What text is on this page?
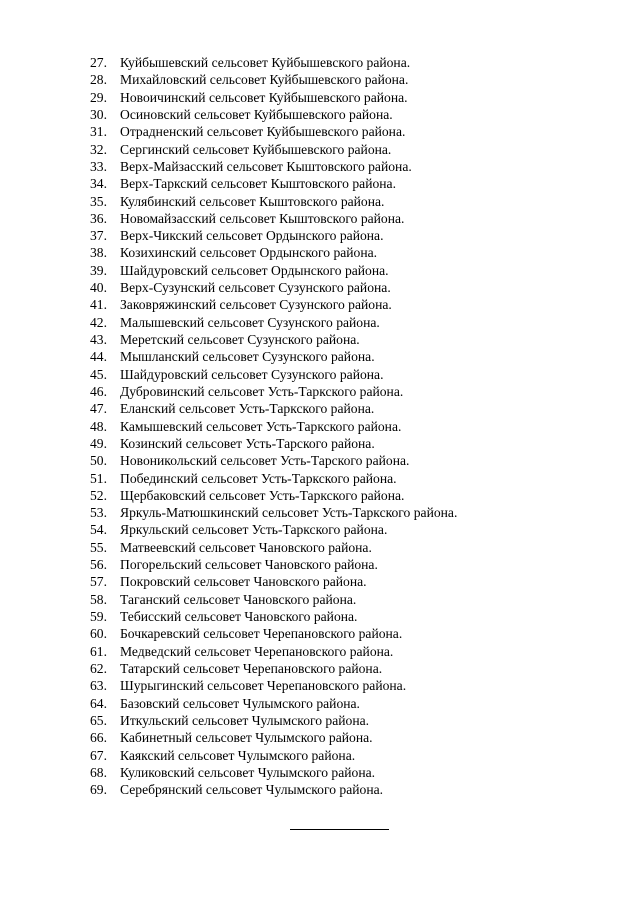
27. Куйбышевский сельсовет Куйбышевского района.
28. Михайловский сельсовет Куйбышевского района.
29. Новоичинский сельсовет Куйбышевского района.
30. Осиновский сельсовет Куйбышевского района.
31. Отрадненский сельсовет Куйбышевского района.
32. Сергинский сельсовет Куйбышевского района.
33. Верх-Майзасский сельсовет Кыштовского района.
34. Верх-Таркский сельсовет Кыштовского района.
35. Кулябинский сельсовет Кыштовского района.
36. Новомайзасский сельсовет Кыштовского района.
37. Верх-Чикский сельсовет Ордынского района.
38. Козихинский сельсовет Ордынского района.
39. Шайдуровский сельсовет Ордынского района.
40. Верх-Сузунский сельсовет Сузунского района.
41. Заковряжинский сельсовет Сузунского района.
42. Малышевский сельсовет Сузунского района.
43. Меретский сельсовет Сузунского района.
44. Мышланский сельсовет Сузунского района.
45. Шайдуровский сельсовет Сузунского района.
46. Дубровинский сельсовет Усть-Таркского района.
47. Еланский сельсовет Усть-Таркского района.
48. Камышевский сельсовет Усть-Таркского района.
49. Козинский сельсовет Усть-Тарского района.
50. Новоникольский сельсовет Усть-Тарского района.
51. Побединский сельсовет Усть-Таркского района.
52. Щербаковский сельсовет Усть-Таркского района.
53. Яркуль-Матюшкинский сельсовет Усть-Таркского района.
54. Яркульский сельсовет Усть-Таркского района.
55. Матвеевский сельсовет Чановского района.
56. Погорельский сельсовет Чановского района.
57. Покровский сельсовет Чановского района.
58. Таганский сельсовет Чановского района.
59. Тебисский сельсовет Чановского района.
60. Бочкаревский сельсовет Черепановского района.
61. Медведский сельсовет Черепановского района.
62. Татарский сельсовет Черепановского района.
63. Шурыгинский сельсовет Черепановского района.
64. Базовский сельсовет Чулымского района.
65. Иткульский сельсовет Чулымского района.
66. Кабинетный сельсовет Чулымского района.
67. Каякский сельсовет Чулымского района.
68. Куликовский сельсовет Чулымского района.
69. Серебрянский сельсовет Чулымского района.
